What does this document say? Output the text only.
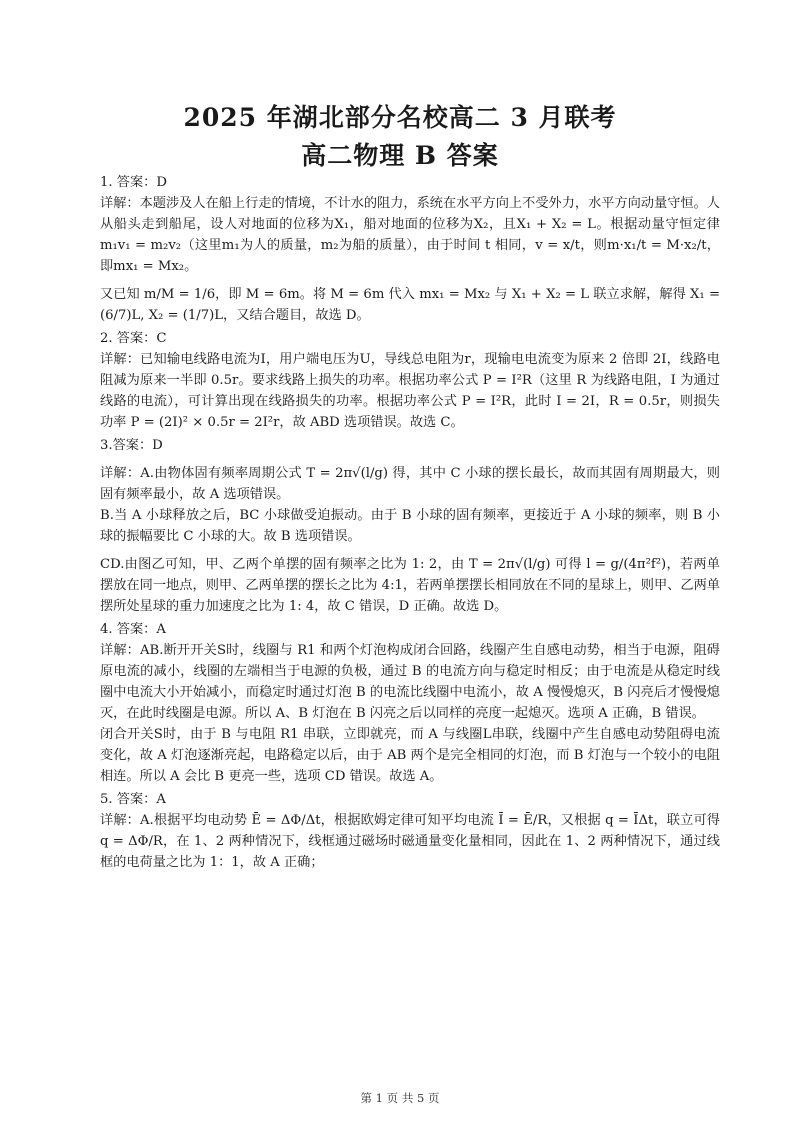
2025 年湖北部分名校高二 3 月联考
高二物理 B 答案

1. 答案：D

详解：本题涉及人在船上行走的情境，不计水的阻力，系统在水平方向上不受外力，水平方向动量守恒。人从船头走到船尾，设人对地面的位移为X₁，船对地面的位移为X₂，且X₁ + X₂ = L。根据动量守恒定律m₁v₁ = m₂v₂（这里m₁为人的质量，m₂为船的质量），由于时间 t 相同，v = x/t，则m·x₁/t = M·x₂/t，即mx₁ = Mx₂。

又已知 m/M = 1/6，即 M = 6m。将 M = 6m 代入 mx₁ = Mx₂ 与 X₁ + X₂ = L 联立求解，解得 X₁ = (6/7)L, X₂ = (1/7)L，又结合题目，故选 D。

2. 答案：C

详解：已知输电线路电流为I，用户端电压为U，导线总电阻为r，现输电电流变为原来 2 倍即 2I，线路电阻减为原来一半即 0.5r。要求线路上损失的功率。根据功率公式 P = I²R（这里 R 为线路电阻，I 为通过线路的电流），可计算出现在线路损失的功率。根据功率公式 P = I²R，此时 I = 2I，R = 0.5r，则损失功率 P = (2I)² × 0.5r = 2I²r，故 ABD 选项错误。故选 C。

3.答案：D

详解：A.由物体固有频率周期公式 T = 2π√(l/g) 得，其中 C 小球的摆长最长，故而其固有周期最大，则固有频率最小，故 A 选项错误。

B.当 A 小球释放之后，BC 小球做受迫振动。由于 B 小球的固有频率，更接近于 A 小球的频率，则 B 小球的振幅要比 C 小球的大。故 B 选项错误。

CD.由图乙可知，甲、乙两个单摆的固有频率之比为 1: 2，由 T = 2π√(l/g) 可得 l = g/(4π²f²)，若两单摆放在同一地点，则甲、乙两单摆的摆长之比为 4:1，若两单摆摆长相同放在不同的星球上，则甲、乙两单摆所处星球的重力加速度之比为 1: 4，故 C 错误，D 正确。故选 D。

4. 答案：A

详解：AB.断开开关S时，线圈与 R1 和两个灯泡构成闭合回路，线圈产生自感电动势，相当于电源，阻碍原电流的减小，线圈的左端相当于电源的负极，通过 B 的电流方向与稳定时相反；由于电流是从稳定时线圈中电流大小开始减小，而稳定时通过灯泡 B 的电流比线圈中电流小，故 A 慢慢熄灭，B 闪亮后才慢慢熄灭，在此时线圈是电源。所以 A、B 灯泡在 B 闪亮之后以同样的亮度一起熄灭。选项 A 正确，B 错误。

闭合开关S时，由于 B 与电阻 R1 串联，立即就亮，而 A 与线圈L串联，线圈中产生自感电动势阻碍电流变化，故 A 灯泡逐渐亮起，电路稳定以后，由于 AB 两个是完全相同的灯泡，而 B 灯泡与一个较小的电阻相连。所以 A 会比 B 更亮一些，选项 CD 错误。故选 A。

5. 答案：A

详解：A.根据平均电动势 Ē = ΔΦ/Δt，根据欧姆定律可知平均电流 Ī = Ē/R，又根据 q = ĪΔt，联立可得 q = ΔΦ/R，在 1、2 两种情况下，线框通过磁场时磁通量变化量相同，因此在 1、2 两种情况下，通过线框的电荷量之比为 1：1，故 A 正确；

第 1 页 共 5 页
